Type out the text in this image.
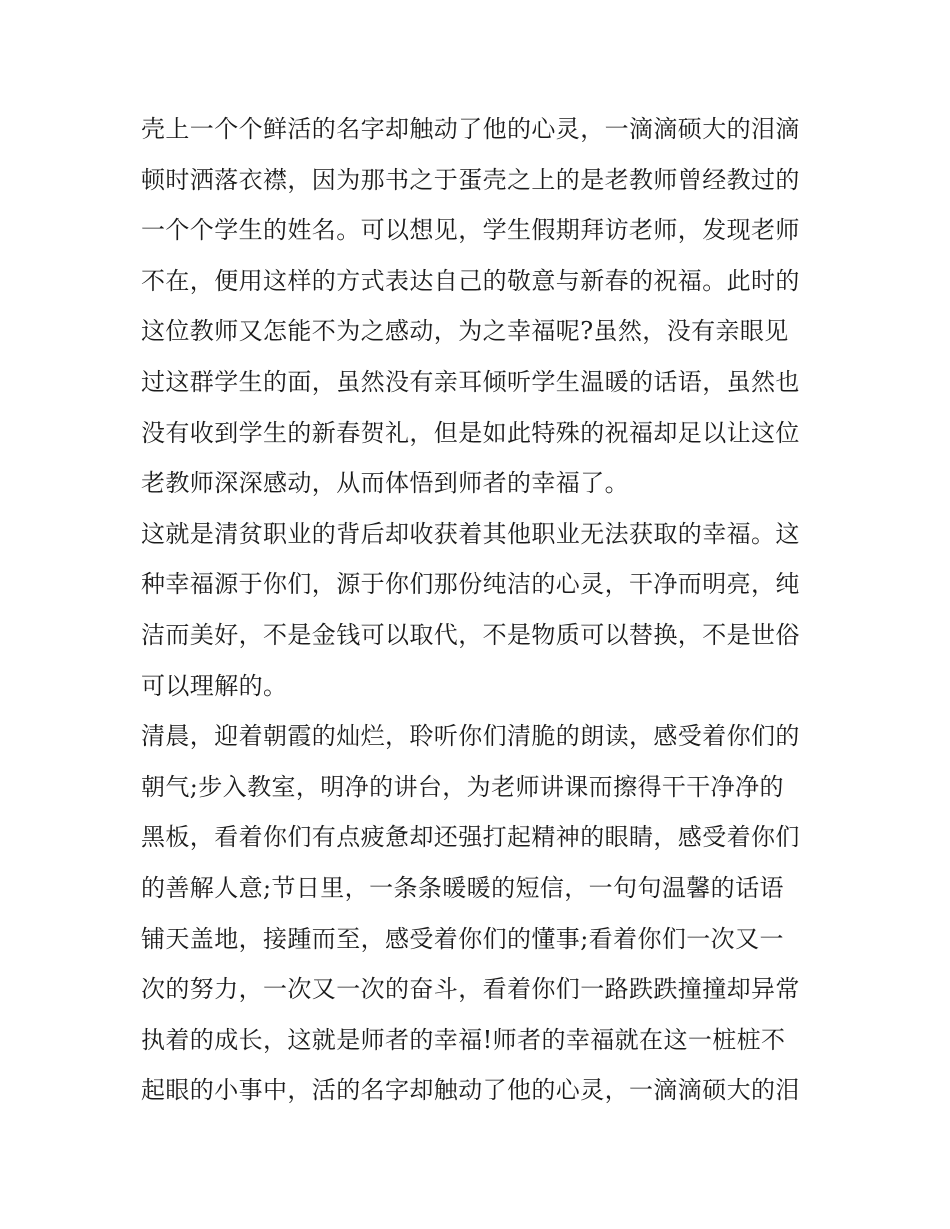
壳上一个个鲜活的名字却触动了他的心灵，一滴滴硕大的泪滴
顿时洒落衣襟，因为那书之于蛋壳之上的是老教师曾经教过的
一个个学生的姓名。可以想见，学生假期拜访老师，发现老师
不在，便用这样的方式表达自己的敬意与新春的祝福。此时的
这位教师又怎能不为之感动，为之幸福呢?虽然，没有亲眼见
过这群学生的面，虽然没有亲耳倾听学生温暖的话语，虽然也
没有收到学生的新春贺礼，但是如此特殊的祝福却足以让这位
老教师深深感动，从而体悟到师者的幸福了。
这就是清贫职业的背后却收获着其他职业无法获取的幸福。这
种幸福源于你们，源于你们那份纯洁的心灵，干净而明亮，纯
洁而美好，不是金钱可以取代，不是物质可以替换，不是世俗
可以理解的。
清晨，迎着朝霞的灿烂，聆听你们清脆的朗读，感受着你们的
朝气;步入教室，明净的讲台，为老师讲课而擦得干干净净的
黑板，看着你们有点疲惫却还强打起精神的眼睛，感受着你们
的善解人意;节日里，一条条暖暖的短信，一句句温馨的话语
铺天盖地，接踵而至，感受着你们的懂事;看着你们一次又一
次的努力，一次又一次的奋斗，看着你们一路跌跌撞撞却异常
执着的成长，这就是师者的幸福!师者的幸福就在这一桩桩不
起眼的小事中，活的名字却触动了他的心灵，一滴滴硕大的泪
